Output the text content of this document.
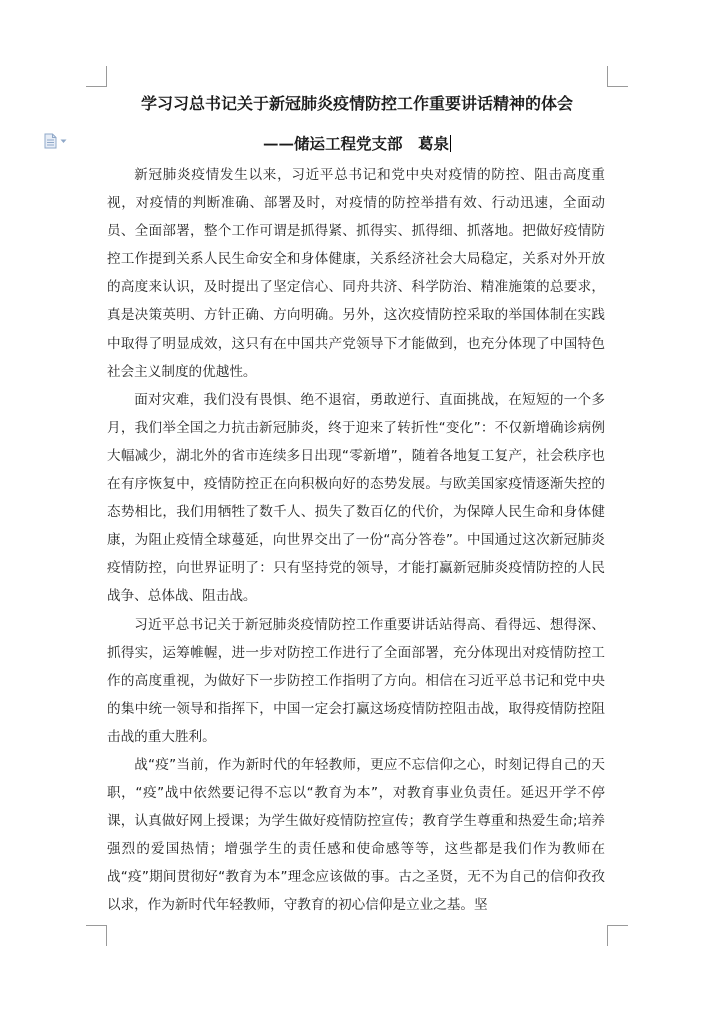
学习习总书记关于新冠肺炎疫情防控工作重要讲话精神的体会
——储运工程党支部　葛泉

新冠肺炎疫情发生以来，习近平总书记和党中央对疫情的防控、阻击高度重视，对疫情的判断准确、部署及时，对疫情的防控举措有效、行动迅速，全面动员、全面部署，整个工作可谓是抓得紧、抓得实、抓得细、抓落地。把做好疫情防控工作提到关系人民生命安全和身体健康，关系经济社会大局稳定，关系对外开放的高度来认识，及时提出了坚定信心、同舟共济、科学防治、精准施策的总要求，真是决策英明、方针正确、方向明确。另外，这次疫情防控采取的举国体制在实践中取得了明显成效，这只有在中国共产党领导下才能做到，也充分体现了中国特色社会主义制度的优越性。

面对灾难，我们没有畏惧、绝不退宿，勇敢逆行、直面挑战，在短短的一个多月，我们举全国之力抗击新冠肺炎，终于迎来了转折性“变化”：不仅新增确诊病例大幅减少，湖北外的省市连续多日出现“零新增”，随着各地复工复产，社会秩序也在有序恢复中，疫情防控正在向积极向好的态势发展。与欧美国家疫情逐渐失控的态势相比，我们用牺牲了数千人、损失了数百亿的代价，为保障人民生命和身体健康，为阻止疫情全球蔓延，向世界交出了一份“高分答卷”。中国通过这次新冠肺炎疫情防控，向世界证明了：只有坚持党的领导，才能打赢新冠肺炎疫情防控的人民战争、总体战、阻击战。

习近平总书记关于新冠肺炎疫情防控工作重要讲话站得高、看得远、想得深、抓得实，运筹帷幄，进一步对防控工作进行了全面部署，充分体现出对疫情防控工作的高度重视，为做好下一步防控工作指明了方向。相信在习近平总书记和党中央的集中统一领导和指挥下，中国一定会打赢这场疫情防控阻击战，取得疫情防控阻击战的重大胜利。

战“疫”当前，作为新时代的年轻教师，更应不忘信仰之心，时刻记得自己的天职，“疫”战中依然要记得不忘以“教育为本”，对教育事业负责任。延迟开学不停课，认真做好网上授课；为学生做好疫情防控宣传；教育学生尊重和热爱生命;培养强烈的爱国热情；增强学生的责任感和使命感等等，这些都是我们作为教师在战“疫”期间贯彻好“教育为本”理念应该做的事。古之圣贤，无不为自己的信仰孜孜以求，作为新时代年轻教师，守教育的初心信仰是立业之基。坚
